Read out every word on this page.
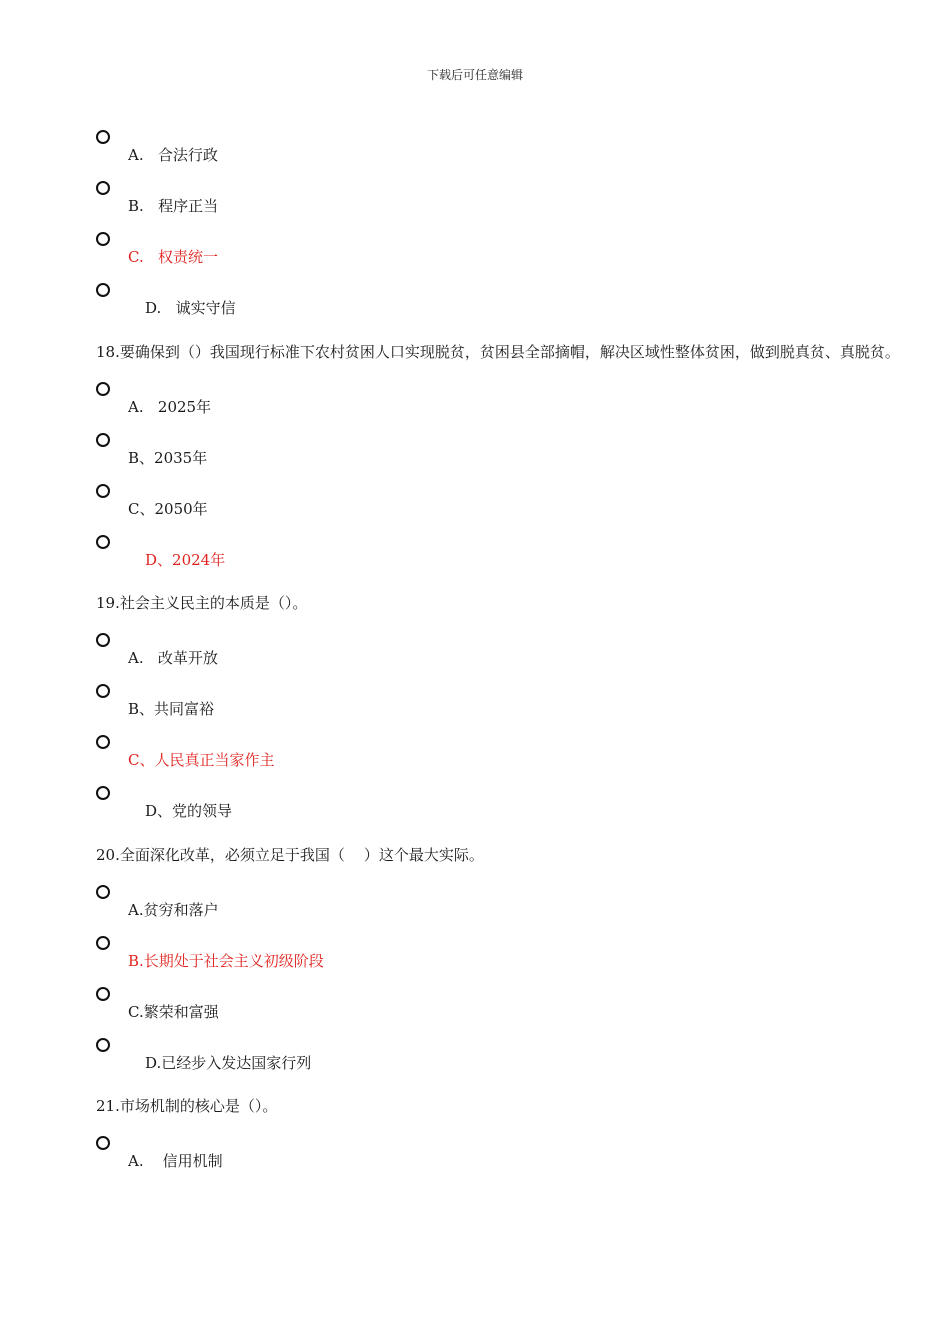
下载后可任意编辑
A.   合法行政
B.   程序正当
C.   权责统一
D.   诚实守信
18.要确保到（）我国现行标准下农村贫困人口实现脱贫，贫困县全部摘帽，解决区域性整体贫困，做到脱真贫、真脱贫。
A.   2025年
B、2035年
C、2050年
D、2024年
19.社会主义民主的本质是（）。
A.   改革开放
B、共同富裕
C、人民真正当家作主
D、党的领导
20.全面深化改革，必须立足于我国（    ）这个最大实际。
A.贫穷和落户
B.长期处于社会主义初级阶段
C.繁荣和富强
D.已经步入发达国家行列
21.市场机制的核心是（）。
A.    信用机制
